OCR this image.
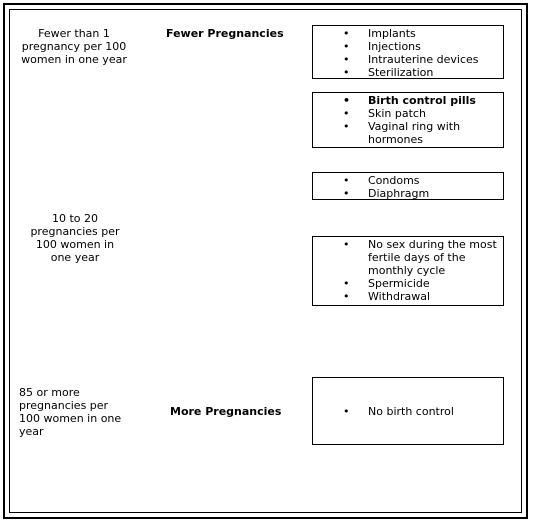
Fewer than 1 pregnancy per 100 women in one year
10 to 20 pregnancies per 100 women in one year
85 or more pregnancies per 100 women in one year
Fewer Pregnancies
More Pregnancies
• Implants
• Injections
• Intrauterine devices
• Sterilization
• Birth control pills
• Skin patch
• Vaginal ring with hormones
• Condoms
• Diaphragm
• No sex during the most fertile days of the monthly cycle
• Spermicide
• Withdrawal
• No birth control
